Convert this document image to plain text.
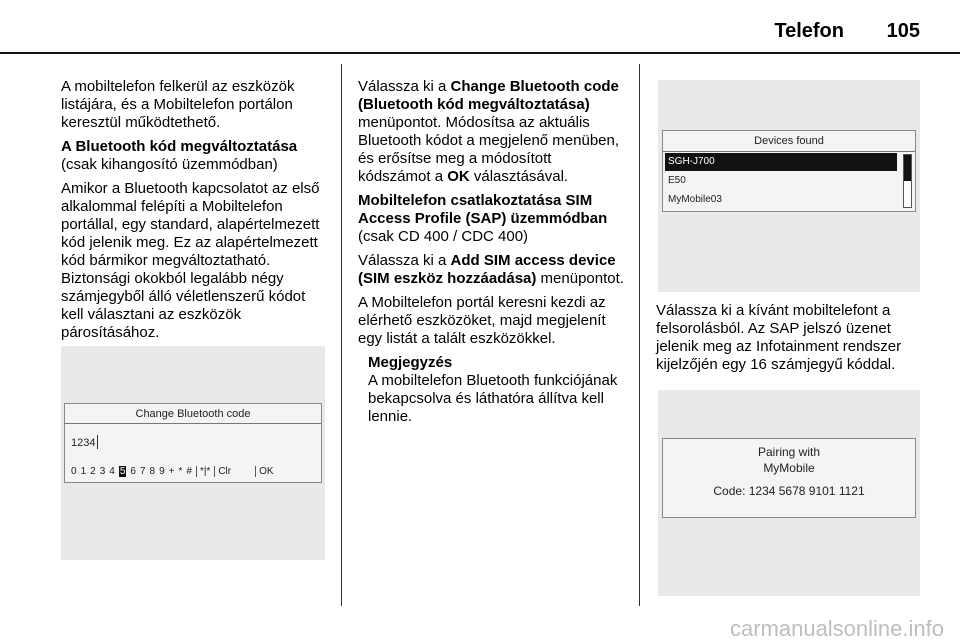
Telefon 105

A mobiltelefon felkerül az eszközök listájára, és a Mobiltelefon portálon keresztül működtethető.

A Bluetooth kód megváltoztatása

(csak kihangosító üzemmódban)

Amikor a Bluetooth kapcsolatot az első alkalommal felépíti a Mobiltelefon portállal, egy standard, alapértelmezett kód jelenik meg. Ez az alapértelmezett kód bármikor megváltoztatható. Biztonsági okokból legalább négy számjegyből álló véletlenszerű kódot kell választani az eszközök párosításához.

Change Bluetooth code
1234
0 1 2 3 4 5 6 7 8 9 + * # *|* Clr	OK

Válassza ki a Change Bluetooth code (Bluetooth kód megváltoztatása) menüpontot. Módosítsa az aktuális Bluetooth kódot a megjelenő menüben, és erősítse meg a módosított kódszámot a OK választásával.

Mobiltelefon csatlakoztatása SIM Access Profile (SAP) üzemmódban

(csak CD 400 / CDC 400)

Válassza ki a Add SIM access device (SIM eszköz hozzáadása) menüpontot.

A Mobiltelefon portál keresni kezdi az elérhető eszközöket, majd megjelenít egy listát a talált eszközökkel.

Megjegyzés
A mobiltelefon Bluetooth funkciójának bekapcsolva és láthatóra állítva kell lennie.
Devices found
SGH-J700
E50
MyMobile03

Válassza ki a kívánt mobiltelefont a felsorolásból. Az SAP jelszó üzenet jelenik meg az Infotainment rendszer kijelzőjén egy 16 számjegyű kóddal.

Pairing with
MyMobile
Code: 1234 5678 9101 1121
carmanualsonline.info
